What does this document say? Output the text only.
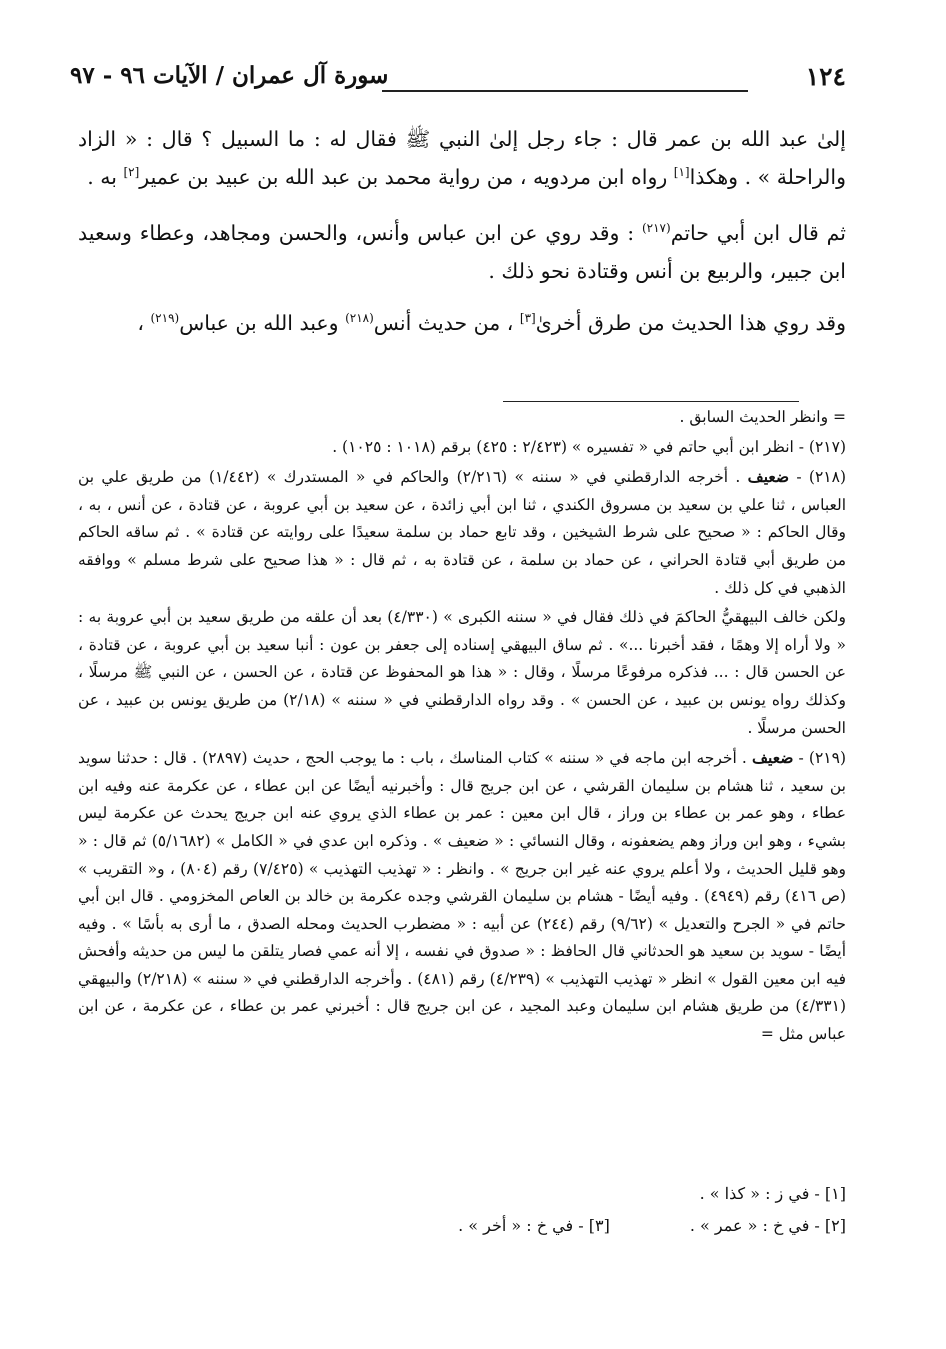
١٢٤
سورة آل عمران / الآيات ٩٦ - ٩٧

إلىٰ عبد الله بن عمر قال : جاء رجل إلىٰ النبي ﷺ فقال له : ما السبيل ؟ قال : « الزاد والراحلة » . وهكذا[١] رواه ابن مردويه ، من رواية محمد بن عبد الله بن عبيد بن عمير[٢] به .

ثم قال ابن أبي حاتم$^{(٢١٧)}$ : وقد روي عن ابن عباس وأنس، والحسن ومجاهد، وعطاء وسعيد ابن جبير، والربيع بن أنس وقتادة نحو ذلك .

وقد روي هذا الحديث من طرق أخرىٰ[٣] ، من حديث أنس$^{(٢١٨)}$ وعبد الله بن عباس$^{(٢١٩)}$ ،

= وانظر الحديث السابق .

(٢١٧) - انظر ابن أبي حاتم في « تفسيره » (٢/٤٢٣ : ٤٢٥) برقم (١٠١٨ : ١٠٢٥) .

(٢١٨) - ضعيف . أخرجه الدارقطني في « سننه » (٢/٢١٦) والحاكم في « المستدرك » (١/٤٤٢) من طريق علي بن العباس ، ثنا علي بن سعيد بن مسروق الكندي ، ثنا ابن أبي زائدة ، عن سعيد بن أبي عروبة ، عن قتادة ، عن أنس ، به ، وقال الحاكم : « صحيح على شرط الشيخين ، وقد تابع حماد بن سلمة سعيدًا على روايته عن قتادة » . ثم ساقه الحاكم من طريق أبي قتادة الحراني ، عن حماد بن سلمة ، عن قتادة به ، ثم قال : « هذا صحيح على شرط مسلم » ووافقه الذهبي في كل ذلك .

ولكن خالف البيهقيُّ الحاكمَ في ذلك فقال في « سننه الكبرى » (٤/٣٣٠) بعد أن علقه من طريق سعيد بن أبي عروبة به : « ولا أراه إلا وهمًا ، فقد أخبرنا ...» . ثم ساق البيهقي إسناده إلى جعفر بن عون : أنبا سعيد بن أبي عروبة ، عن قتادة ، عن الحسن قال : ... فذكره مرفوعًا مرسلًا ، وقال : « هذا هو المحفوظ عن قتادة ، عن الحسن ، عن النبي ﷺ مرسلًا ، وكذلك رواه يونس بن عبيد ، عن الحسن » . وقد رواه الدارقطني في « سننه » (٢/١٨) من طريق يونس بن عبيد ، عن الحسن مرسلًا .

(٢١٩) - ضعيف . أخرجه ابن ماجه في « سننه » كتاب المناسك ، باب : ما يوجب الحج ، حديث (٢٨٩٧) . قال : حدثنا سويد بن سعيد ، ثنا هشام بن سليمان القرشي ، عن ابن جريج قال : وأخبرنيه أيضًا عن ابن عطاء ، عن عكرمة عنه وفيه ابن عطاء ، وهو عمر بن عطاء بن وراز ، قال ابن معين : عمر بن عطاء الذي يروي عنه ابن جريج يحدث عن عكرمة ليس بشيء ، وهو ابن وراز وهم يضعفونه ، وقال النسائي : « ضعيف » . وذكره ابن عدي في « الكامل » (٥/١٦٨٢) ثم قال : « وهو قليل الحديث ، ولا أعلم يروي عنه غير ابن جريج » . وانظر : « تهذيب التهذيب » (٧/٤٢٥) رقم (٨٠٤) ، و« التقريب » (ص ٤١٦) رقم (٤٩٤٩) . وفيه أيضًا - هشام بن سليمان القرشي وجده عكرمة بن خالد بن العاص المخزومي . قال ابن أبي حاتم في « الجرح والتعديل » (٩/٦٢) رقم (٢٤٤) عن أبيه : « مضطرب الحديث ومحله الصدق ، ما أرى به بأسًا » . وفيه أيضًا - سويد بن سعيد هو الحدثاني قال الحافظ : « صدوق في نفسه ، إلا أنه عمي فصار يتلقن ما ليس من حديثه وأفحش فيه ابن معين القول » انظر « تهذيب التهذيب » (٤/٢٣٩) رقم (٤٨١) . وأخرجه الدارقطني في « سننه » (٢/٢١٨) والبيهقي (٤/٣٣١) من طريق هشام ابن سليمان وعبد المجيد ، عن ابن جريج قال : أخبرني عمر بن عطاء ، عن عكرمة ، عن ابن عباس مثل =

[١] - في ز : « كذا » .
[٢] - في خ : « عمر » .[٣] - في خ : « أخر » .
